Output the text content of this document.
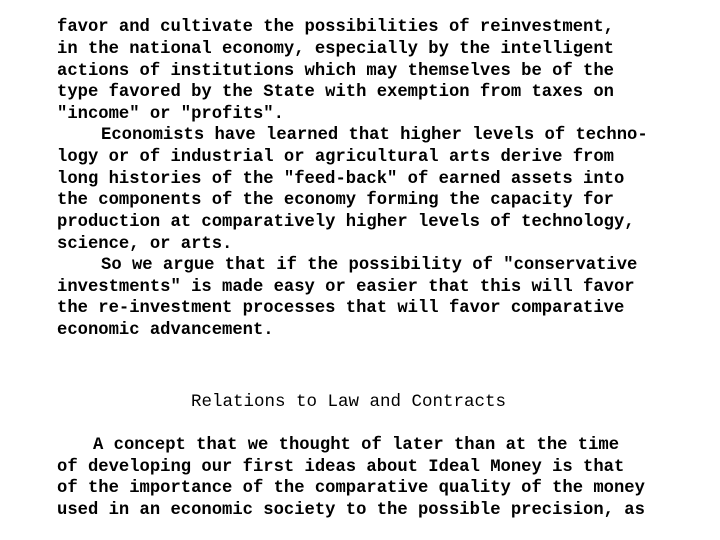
favor and cultivate the possibilities of reinvestment,
in the national economy, especially by the intelligent
actions of institutions which may themselves be of the
type favored by the State with exemption from taxes on
"income" or "profits".
Economists have learned that higher levels of techno-
logy or of industrial or agricultural arts derive from
long histories of the "feed-back" of earned assets into
the components of the economy forming the capacity for
production at comparatively higher levels of technology,
science, or arts.
So we argue that if the possibility of "conservative
investments" is made easy or easier that this will favor
the re-investment processes that will favor comparative
economic advancement.
Relations to Law and Contracts
A concept that we thought of later than at the time
of developing our first ideas about Ideal Money is that
of the importance of the comparative quality of the money
used in an economic society to the possible precision, as
